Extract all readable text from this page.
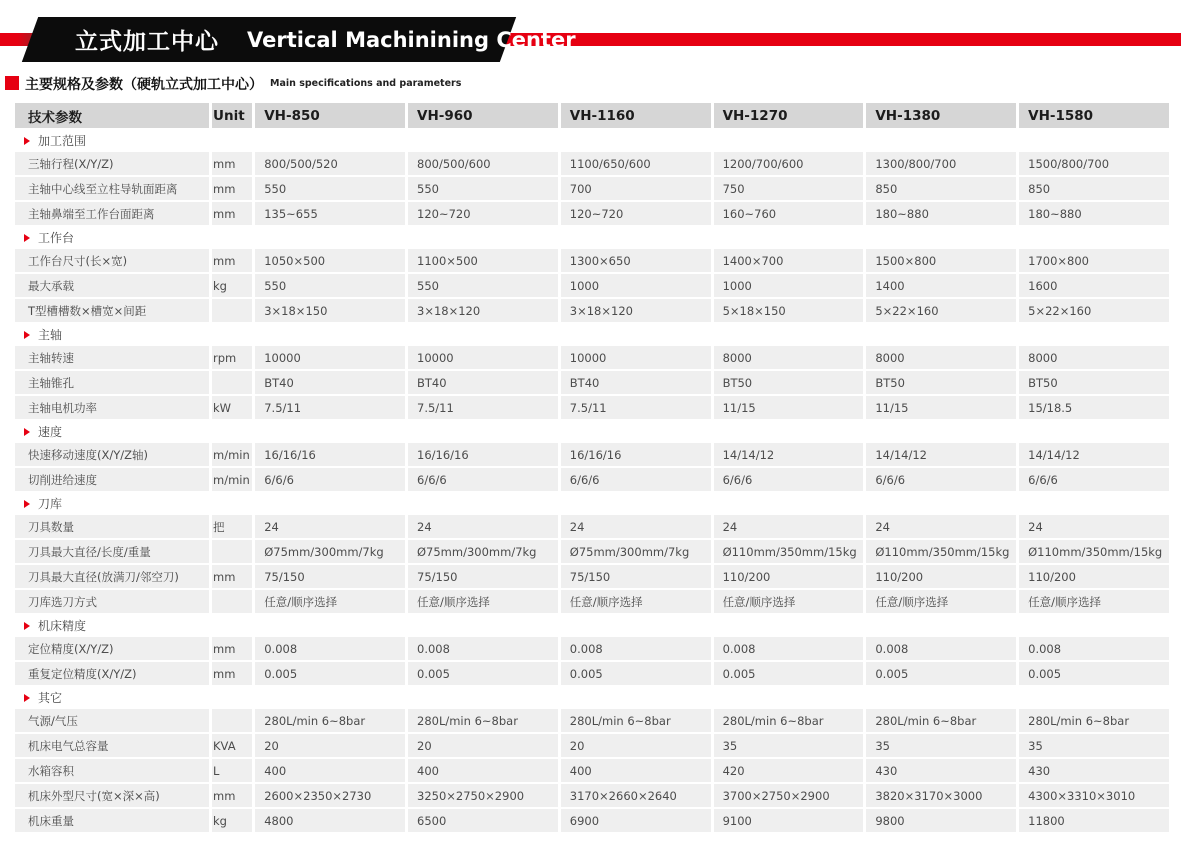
立式加工中心 Vertical Machinining Center
主要规格及参数（硬轨立式加工中心） Main specifications and parameters
技术参数	Unit	VH-850	VH-960	VH-1160	VH-1270	VH-1380	VH-1580
加工范围							
三轴行程(X/Y/Z)	mm	800/500/520	800/500/600	1100/650/600	1200/700/600	1300/800/700	1500/800/700
主轴中心线至立柱导轨面距离	mm	550	550	700	750	850	850
主轴鼻端至工作台面距离	mm	135~655	120~720	120~720	160~760	180~880	180~880
工作台							
工作台尺寸(长×宽)	mm	1050×500	1100×500	1300×650	1400×700	1500×800	1700×800
最大承载	kg	550	550	1000	1000	1400	1600
T型槽槽数×槽宽×间距		3×18×150	3×18×120	3×18×120	5×18×150	5×22×160	5×22×160
主轴							
主轴转速	rpm	10000	10000	10000	8000	8000	8000
主轴锥孔		BT40	BT40	BT40	BT50	BT50	BT50
主轴电机功率	kW	7.5/11	7.5/11	7.5/11	11/15	11/15	15/18.5
速度							
快速移动速度(X/Y/Z轴)	m/min	16/16/16	16/16/16	16/16/16	14/14/12	14/14/12	14/14/12
切削进给速度	m/min	6/6/6	6/6/6	6/6/6	6/6/6	6/6/6	6/6/6
刀库							
刀具数量	把	24	24	24	24	24	24
刀具最大直径/长度/重量		Ø75mm/300mm/7kg	Ø75mm/300mm/7kg	Ø75mm/300mm/7kg	Ø110mm/350mm/15kg	Ø110mm/350mm/15kg	Ø110mm/350mm/15kg
刀具最大直径(放满刀/邻空刀)	mm	75/150	75/150	75/150	110/200	110/200	110/200
刀库选刀方式		任意/顺序选择	任意/顺序选择	任意/顺序选择	任意/顺序选择	任意/顺序选择	任意/顺序选择
机床精度							
定位精度(X/Y/Z)	mm	0.008	0.008	0.008	0.008	0.008	0.008
重复定位精度(X/Y/Z)	mm	0.005	0.005	0.005	0.005	0.005	0.005
其它							
气源/气压		280L/min 6~8bar	280L/min 6~8bar	280L/min 6~8bar	280L/min 6~8bar	280L/min 6~8bar	280L/min 6~8bar
机床电气总容量	KVA	20	20	20	35	35	35
水箱容积	L	400	400	400	420	430	430
机床外型尺寸(宽×深×高)	mm	2600×2350×2730	3250×2750×2900	3170×2660×2640	3700×2750×2900	3820×3170×3000	4300×3310×3010
机床重量	kg	4800	6500	6900	9100	9800	11800
